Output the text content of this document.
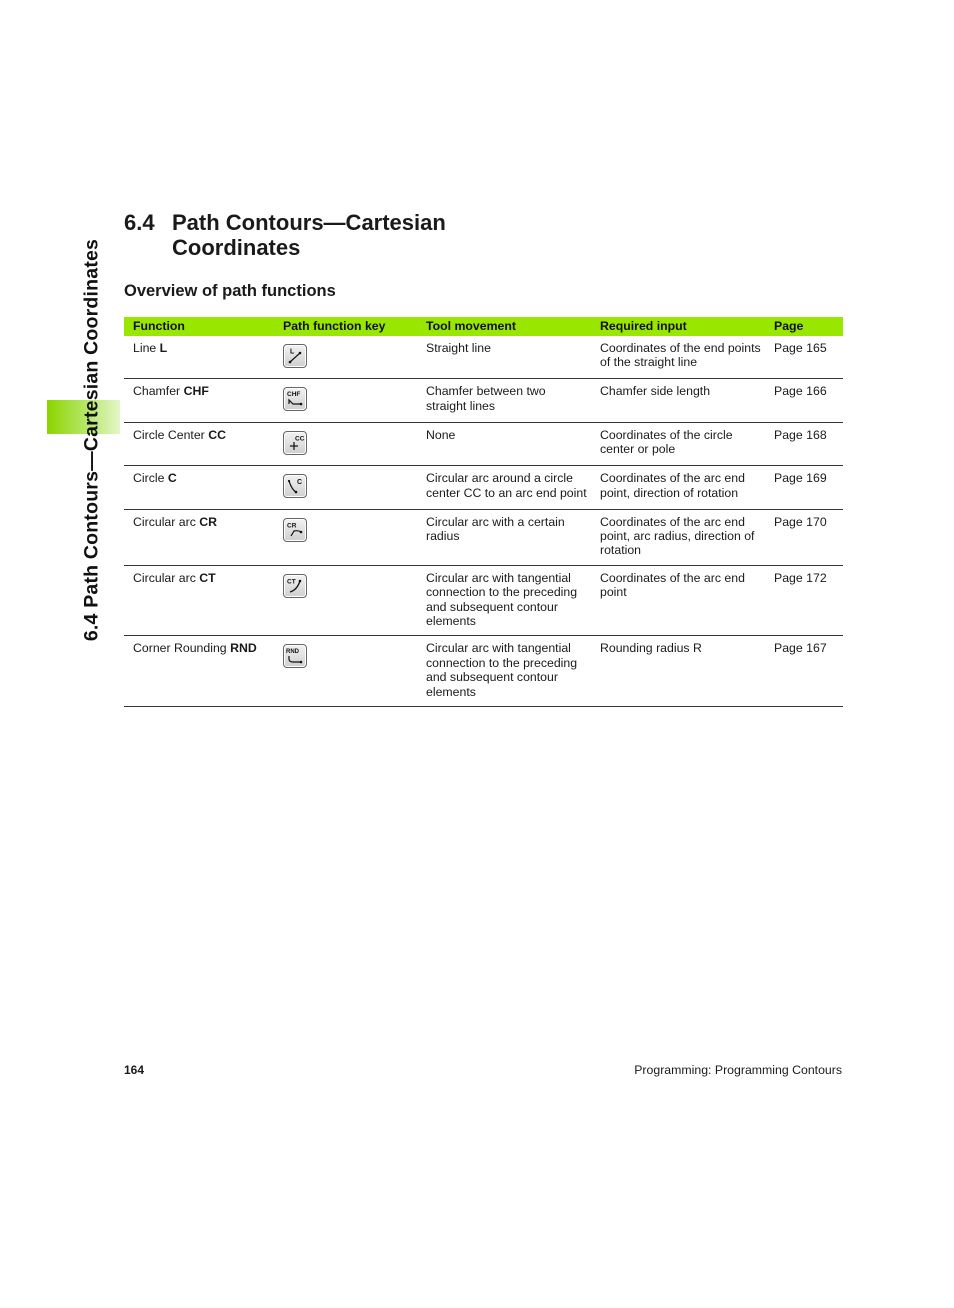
6.4 Path Contours—Cartesian Coordinates
6.4 Path Contours—Cartesian
Coordinates
Overview of path functions
Function	Path function key	Tool movement	Required input	Page
Line L	L	Straight line	Coordinates of the end points of the straight line	Page 165
Chamfer CHF	CHF	Chamfer between two straight lines	Chamfer side length	Page 166
Circle Center CC	CC	None	Coordinates of the circle center or pole	Page 168
Circle C	C	Circular arc around a circle center CC to an arc end point	Coordinates of the arc end point, direction of rotation	Page 169
Circular arc CR	CR	Circular arc with a certain radius	Coordinates of the arc end point, arc radius, direction of rotation	Page 170
Circular arc CT	CT	Circular arc with tangential connection to the preceding and subsequent contour elements	Coordinates of the arc end point	Page 172
Corner Rounding RND	RND	Circular arc with tangential connection to the preceding and subsequent contour elements	Rounding radius R	Page 167
164	Programming: Programming Contours
